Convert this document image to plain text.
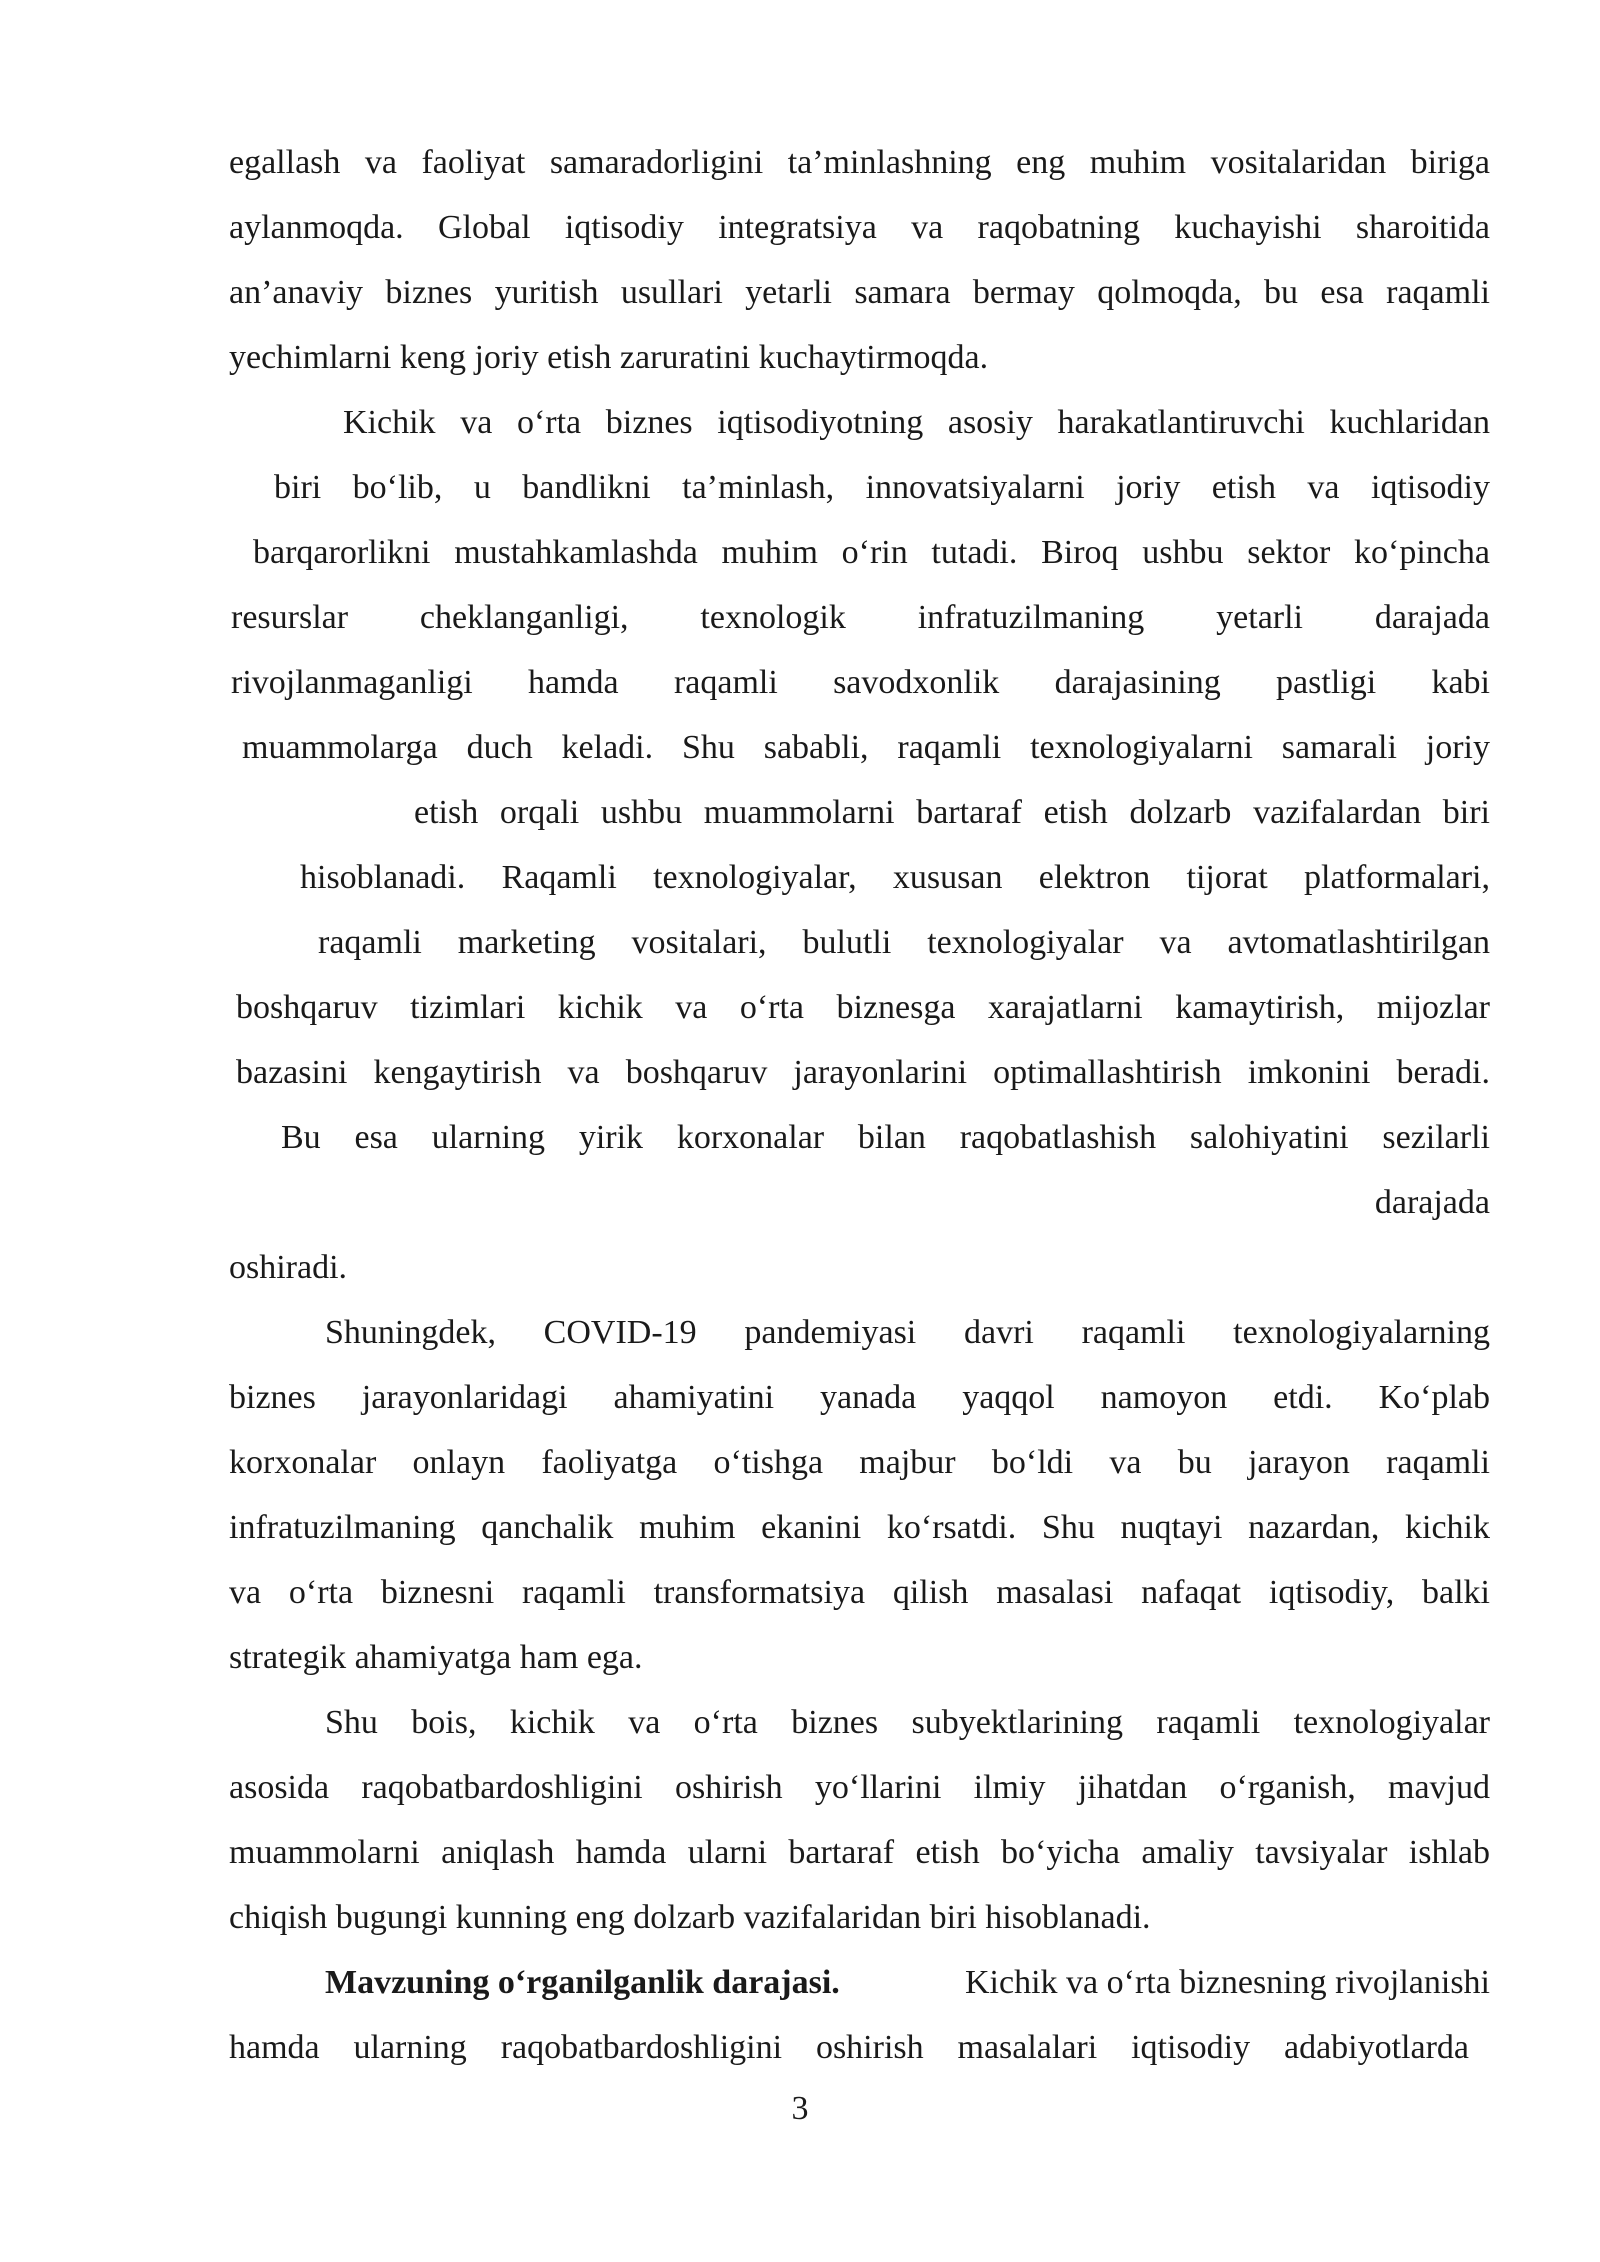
egallash va faoliyat samaradorligini ta’minlashning eng muhim vositalaridan biriga
aylanmoqda. Global iqtisodiy integratsiya va raqobatning kuchayishi sharoitida
an’anaviy biznes yuritish usullari yetarli samara bermay qolmoqda, bu esa raqamli
yechimlarni keng joriy etish zaruratini kuchaytirmoqda.
Kichik va o‘rta biznes iqtisodiyotning asosiy harakatlantiruvchi kuchlaridan
biri bo‘lib, u bandlikni ta’minlash, innovatsiyalarni joriy etish va iqtisodiy
barqarorlikni mustahkamlashda muhim o‘rin tutadi. Biroq ushbu sektor ko‘pincha
resurslar cheklanganligi, texnologik infratuzilmaning yetarli darajada
rivojlanmaganligi hamda raqamli savodxonlik darajasining pastligi kabi
muammolarga duch keladi. Shu sababli, raqamli texnologiyalarni samarali joriy
etish orqali ushbu muammolarni bartaraf etish dolzarb vazifalardan biri
hisoblanadi. Raqamli texnologiyalar, xususan elektron tijorat platformalari,
raqamli marketing vositalari, bulutli texnologiyalar va avtomatlashtirilgan
boshqaruv tizimlari kichik va o‘rta biznesga xarajatlarni kamaytirish, mijozlar
bazasini kengaytirish va boshqaruv jarayonlarini optimallashtirish imkonini beradi.
Bu esa ularning yirik korxonalar bilan raqobatlashish salohiyatini sezilarli
darajada
oshiradi.
Shuningdek, COVID-19 pandemiyasi davri raqamli texnologiyalarning
biznes jarayonlaridagi ahamiyatini yanada yaqqol namoyon etdi. Ko‘plab
korxonalar onlayn faoliyatga o‘tishga majbur bo‘ldi va bu jarayon raqamli
infratuzilmaning qanchalik muhim ekanini ko‘rsatdi. Shu nuqtayi nazardan, kichik
va o‘rta biznesni raqamli transformatsiya qilish masalasi nafaqat iqtisodiy, balki
strategik ahamiyatga ham ega.
Shu bois, kichik va o‘rta biznes subyektlarining raqamli texnologiyalar
asosida raqobatbardoshligini oshirish yo‘llarini ilmiy jihatdan o‘rganish, mavjud
muammolarni aniqlash hamda ularni bartaraf etish bo‘yicha amaliy tavsiyalar ishlab
chiqish bugungi kunning eng dolzarb vazifalaridan biri hisoblanadi.
Mavzuning o‘rganilganlik darajasi.	Kichik va o‘rta biznesning rivojlanishi
hamda ularning raqobatbardoshligini oshirish masalalari iqtisodiy adabiyotlarda
3
